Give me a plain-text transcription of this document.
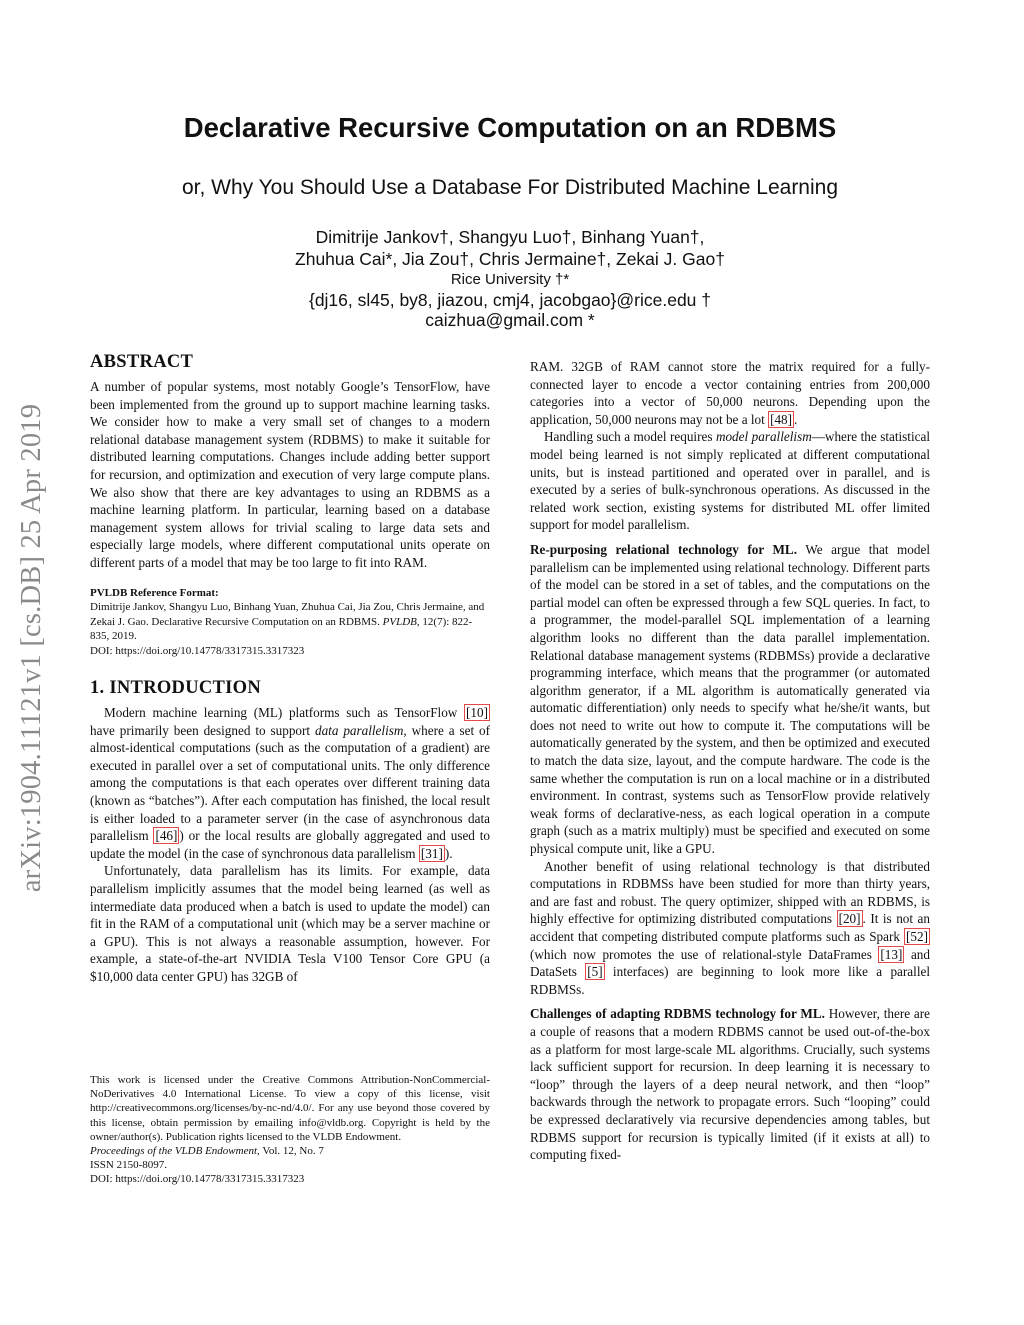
arXiv:1904.11121v1 [cs.DB] 25 Apr 2019
Declarative Recursive Computation on an RDBMS
or, Why You Should Use a Database For Distributed Machine Learning
Dimitrije Jankov†, Shangyu Luo†, Binhang Yuan†,
Zhuhua Cai*, Jia Zou†, Chris Jermaine†, Zekai J. Gao†
Rice University †*
{dj16, sl45, by8, jiazou, cmj4, jacobgao}@rice.edu †
caizhua@gmail.com *
ABSTRACT

A number of popular systems, most notably Google’s TensorFlow, have been implemented from the ground up to support machine learning tasks. We consider how to make a very small set of changes to a modern relational database management system (RDBMS) to make it suitable for distributed learning computations. Changes include adding better support for recursion, and optimization and execution of very large compute plans. We also show that there are key advantages to using an RDBMS as a machine learning platform. In particular, learning based on a database management system allows for trivial scaling to large data sets and especially large models, where different computational units operate on different parts of a model that may be too large to fit into RAM.

PVLDB Reference Format:
Dimitrije Jankov, Shangyu Luo, Binhang Yuan, Zhuhua Cai, Jia Zou, Chris Jermaine, and Zekai J. Gao. Declarative Recursive Computation on an RDBMS. PVLDB, 12(7): 822-835, 2019.
DOI: https://doi.org/10.14778/3317315.3317323

1. INTRODUCTION

Modern machine learning (ML) platforms such as TensorFlow [10] have primarily been designed to support data parallelism, where a set of almost-identical computations (such as the computation of a gradient) are executed in parallel over a set of computational units. The only difference among the computations is that each operates over different training data (known as “batches”). After each computation has finished, the local result is either loaded to a parameter server (in the case of asynchronous data parallelism [46] ) or the local results are globally aggregated and used to update the model (in the case of synchronous data parallelism [31] ).

Unfortunately, data parallelism has its limits. For example, data parallelism implicitly assumes that the model being learned (as well as intermediate data produced when a batch is used to update the model) can fit in the RAM of a computational unit (which may be a server machine or a GPU). This is not always a reasonable assumption, however. For example, a state-of-the-art NVIDIA Tesla V100 Tensor Core GPU (a $10,000 data center GPU) has 32GB of

This work is licensed under the Creative Commons Attribution-NonCommercial-NoDerivatives 4.0 International License. To view a copy of this license, visit http://creativecommons.org/licenses/by-nc-nd/4.0/. For any use beyond those covered by this license, obtain permission by emailing info@vldb.org. Copyright is held by the owner/author(s). Publication rights licensed to the VLDB Endowment.
Proceedings of the VLDB Endowment, Vol. 12, No. 7
ISSN 2150-8097.
DOI: https://doi.org/10.14778/3317315.3317323

RAM. 32GB of RAM cannot store the matrix required for a fully-connected layer to encode a vector containing entries from 200,000 categories into a vector of 50,000 neurons. Depending upon the application, 50,000 neurons may not be a lot [48] .

Handling such a model requires model parallelism—where the statistical model being learned is not simply replicated at different computational units, but is instead partitioned and operated over in parallel, and is executed by a series of bulk-synchronous operations. As discussed in the related work section, existing systems for distributed ML offer limited support for model parallelism.

Re-purposing relational technology for ML. We argue that model parallelism can be implemented using relational technology. Different parts of the model can be stored in a set of tables, and the computations on the partial model can often be expressed through a few SQL queries. In fact, to a programmer, the model-parallel SQL implementation of a learning algorithm looks no different than the data parallel implementation. Relational database management systems (RDBMSs) provide a declarative programming interface, which means that the programmer (or automated algorithm generator, if a ML algorithm is automatically generated via automatic differentiation) only needs to specify what he/she/it wants, but does not need to write out how to compute it. The computations will be automatically generated by the system, and then be optimized and executed to match the data size, layout, and the compute hardware. The code is the same whether the computation is run on a local machine or in a distributed environment. In contrast, systems such as TensorFlow provide relatively weak forms of declarative-ness, as each logical operation in a compute graph (such as a matrix multiply) must be specified and executed on some physical compute unit, like a GPU.

Another benefit of using relational technology is that distributed computations in RDBMSs have been studied for more than thirty years, and are fast and robust. The query optimizer, shipped with an RDBMS, is highly effective for optimizing distributed computations [20] . It is not an accident that competing distributed compute platforms such as Spark [52] (which now promotes the use of relational-style DataFrames [13] and DataSets [5] interfaces) are beginning to look more like a parallel RDBMSs.

Challenges of adapting RDBMS technology for ML. However, there are a couple of reasons that a modern RDBMS cannot be used out-of-the-box as a platform for most large-scale ML algorithms. Crucially, such systems lack sufficient support for recursion. In deep learning it is necessary to “loop” through the layers of a deep neural network, and then “loop” backwards through the network to propagate errors. Such “looping” could be expressed declaratively via recursive dependencies among tables, but RDBMS support for recursion is typically limited (if it exists at all) to computing fixed-
